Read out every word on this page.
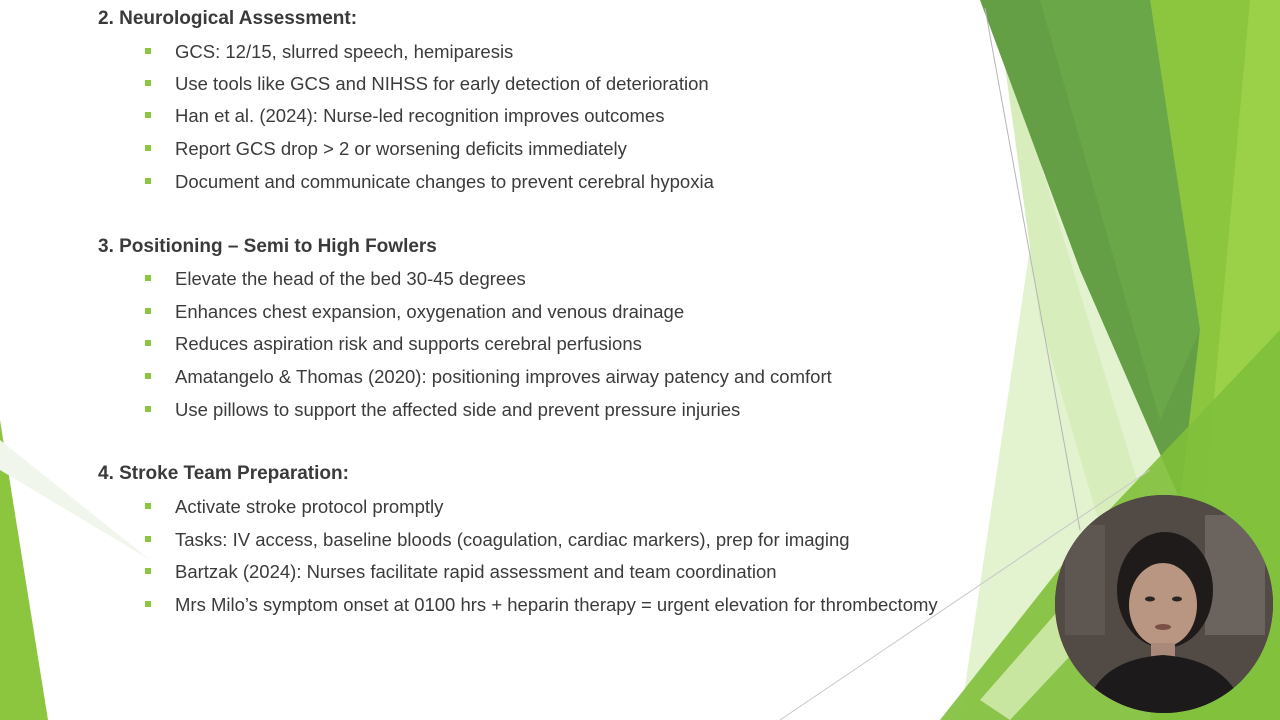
2. Neurological Assessment:
GCS: 12/15, slurred speech, hemiparesis
Use tools like GCS and NIHSS for early detection of deterioration
Han et al. (2024): Nurse-led recognition improves outcomes
Report GCS drop > 2 or worsening deficits immediately
Document and communicate changes to prevent cerebral hypoxia
3. Positioning – Semi to High Fowlers
Elevate the head of the bed 30-45 degrees
Enhances chest expansion, oxygenation and venous drainage
Reduces aspiration risk and supports cerebral perfusions
Amatangelo & Thomas (2020): positioning improves airway patency and comfort
Use pillows to support the affected side and prevent pressure injuries
4. Stroke Team Preparation:
Activate stroke protocol promptly
Tasks: IV access, baseline bloods (coagulation, cardiac markers), prep for imaging
Bartzak (2024): Nurses facilitate rapid assessment and team coordination
Mrs Milo’s symptom onset at 0100 hrs + heparin therapy = urgent elevation for thrombectomy
